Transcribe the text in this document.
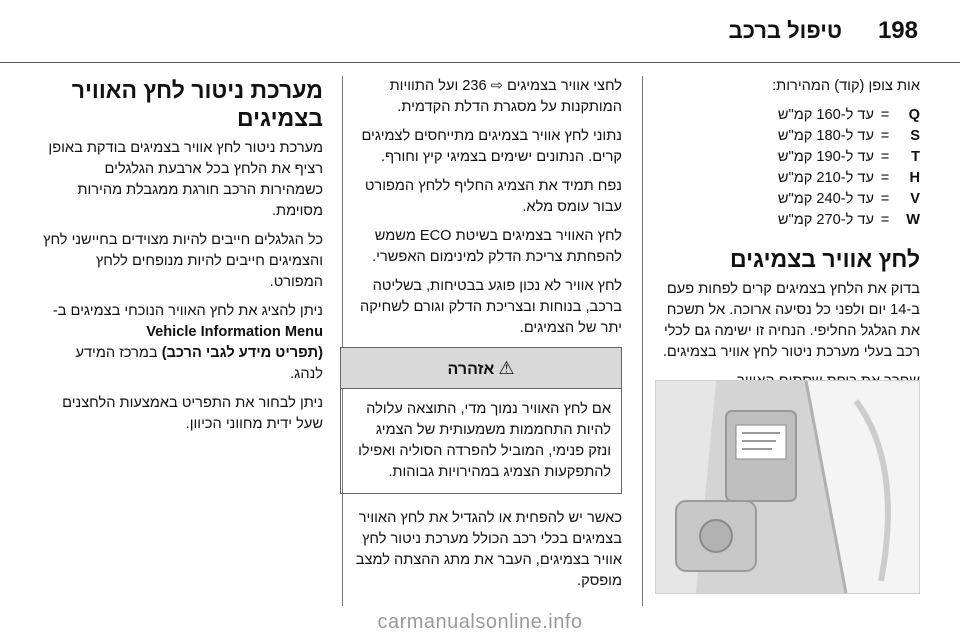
198
טיפול ברכב

אות צופן (קוד) המהירות:

Q=עד ל-160 קמ"ש
S=עד ל-180 קמ"ש
T=עד ל-190 קמ"ש
H=עד ל-210 קמ"ש
V=עד ל-240 קמ"ש
W=עד ל-270 קמ"ש
לחץ אוויר בצמיגים

בדוק את הלחץ בצמיגים קרים לפחות פעם ב-14 יום ולפני כל נסיעה ארוכה. אל תשכח את הגלגל החליפי. הנחיה זו ישימה גם לכלי רכב בעלי מערכת ניטור לחץ אוויר בצמיגים.

לחצי אוויר בצמיגים ⇨ 236 ועל התוויות המותקנות על מסגרת הדלת הקדמית.

נתוני לחץ אוויר בצמיגים מתייחסים לצמיגים קרים. הנתונים ישימים בצמיגי קיץ וחורף.

נפח תמיד את הצמיג החליף ללחץ המפורט עבור עומס מלא.

לחץ האוויר בצמיגים בשיטת ECO משמש להפחתת צריכת הדלק למינימום האפשרי.

לחץ אוויר לא נכון פוגע בבטיחות, בשליטה ברכב, בנוחות ובצריכת הדלק וגורם לשחיקה יתר של הצמיגים.

⚠אזהרה
אם לחץ האוויר נמוך מדי, התוצאה עלולה להיות התחממות משמעותית של הצמיג ונזק פנימי, המוביל להפרדה הסוליה ואפילו להתפקעות הצמיג במהירויות גבוהות.

כאשר יש להפחית או להגדיל את לחץ האוויר בצמיגים בכלי רכב הכולל מערכת ניטור לחץ אוויר בצמיגים, העבר את מתג ההצתה למצב מופסק.

מערכת ניטור לחץ האוויר בצמיגים

מערכת ניטור לחץ אוויר בצמיגים בודקת באופן רציף את הלחץ בכל ארבעת הגלגלים כשמהירות הרכב חורגת ממגבלת מהירות מסוימת.

כל הגלגלים חייבים להיות מצוידים בחיישני לחץ והצמיגים חייבים להיות מנופחים ללחץ המפורט.

ניתן להציג את לחץ האוויר הנוכחי בצמיגים ב-
Vehicle Information Menu
(תפריט מידע לגבי הרכב) במרכז המידע לנהג.

ניתן לבחור את התפריט באמצעות הלחצנים שעל ידית מחווני הכיוון.

carmanualsonline.info
